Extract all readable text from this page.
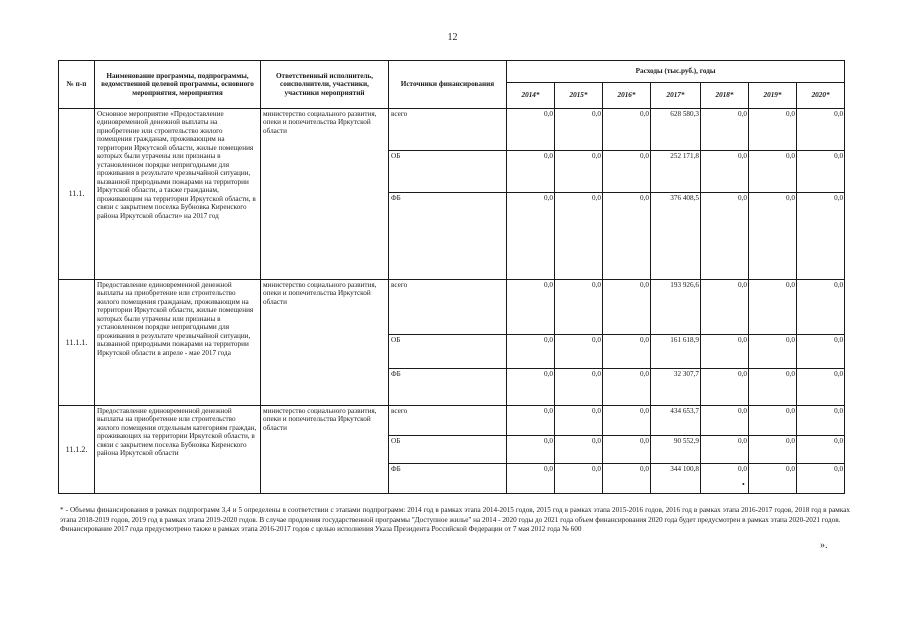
12
№ п-п	Наименование программы, подпрограммы, ведомственной целевой программы, основного мероприятия, мероприятия	Ответственный исполнитель, соисполнители, участники, участники мероприятий	Источники финансирования	Расходы (тыс.руб.), годы						
				2014*	2015*	2016*	2017*	2018*	2019*	2020*
11.1.	Основное мероприятие «Предоставление единовременной денежной выплаты на приобретение или строительство жилого помещения гражданам, проживающим на территории Иркутской области, жилые помещения которых были утрачены или признаны в установленном порядке непригодными для проживания в результате чрезвычайной ситуации, вызванной природными пожарами на территории Иркутской области, а также гражданам, проживающим на территории Иркутской области, в связи с закрытием поселка Бубновка Киренского района Иркутской области» на 2017 год	министерство социального развития, опеки и попечительства Иркутской области	всего	0,0	0,0	0,0	628 580,3	0,0	0,0	0,0
			ОБ	0,0	0,0	0,0	252 171,8	0,0	0,0	0,0
			ФБ	0,0	0,0	0,0	376 408,5	0,0	0,0	0,0
11.1.1.	Предоставление единовременной денежной выплаты на приобретение или строительство жилого помещения гражданам, проживающим на территории Иркутской области, жилые помещения которых были утрачены или признаны в установленном порядке непригодными для проживания в результате чрезвычайной ситуации, вызванной природными пожарами на территории Иркутской области в апреле - мае 2017 года	министерство социального развития, опеки и попечительства Иркутской области	всего	0,0	0,0	0,0	193 926,6	0,0	0,0	0,0
			ОБ	0,0	0,0	0,0	161 618,9	0,0	0,0	0,0
			ФБ	0,0	0,0	0,0	32 307,7	0,0	0,0	0,0
11.1.2.	Предоставление единовременной денежной выплаты на приобретение или строительство жилого помещения отдельным категориям граждан, проживающих на территории Иркутской области, в связи с закрытием поселка Бубновка Киренского района Иркутской области	министерство социального развития, опеки и попечительства Иркутской области	всего	0,0	0,0	0,0	434 653,7	0,0	0,0	0,0
			ОБ	0,0	0,0	0,0	90 552,9	0,0	0,0	0,0
			ФБ	0,0	0,0	0,0	344 100,8	0,0	0,0	0,0
•

* - Объемы финансирования в рамках подпрограмм 3,4 и 5 определены в соответствии с этапами подпрограмм: 2014 год в рамках этапа 2014-2015 годов, 2015 год в рамках этапа 2015-2016 годов, 2016 год в рамках этапа 2016-2017 годов, 2018 год в рамках этапа 2018-2019 годов, 2019 год в рамках этапа 2019-2020 годов. В случае продления государственной программы "Доступное жилье" на 2014 - 2020 годы до 2021 года объем финансирования 2020 года будет предусмотрен в рамках этапа 2020-2021 годов.

Финансирование 2017 года предусмотрено также в рамках этапа 2016-2017 годов с целью исполнения Указа Президента Российской Федерации от 7 мая 2012 года № 600

».
